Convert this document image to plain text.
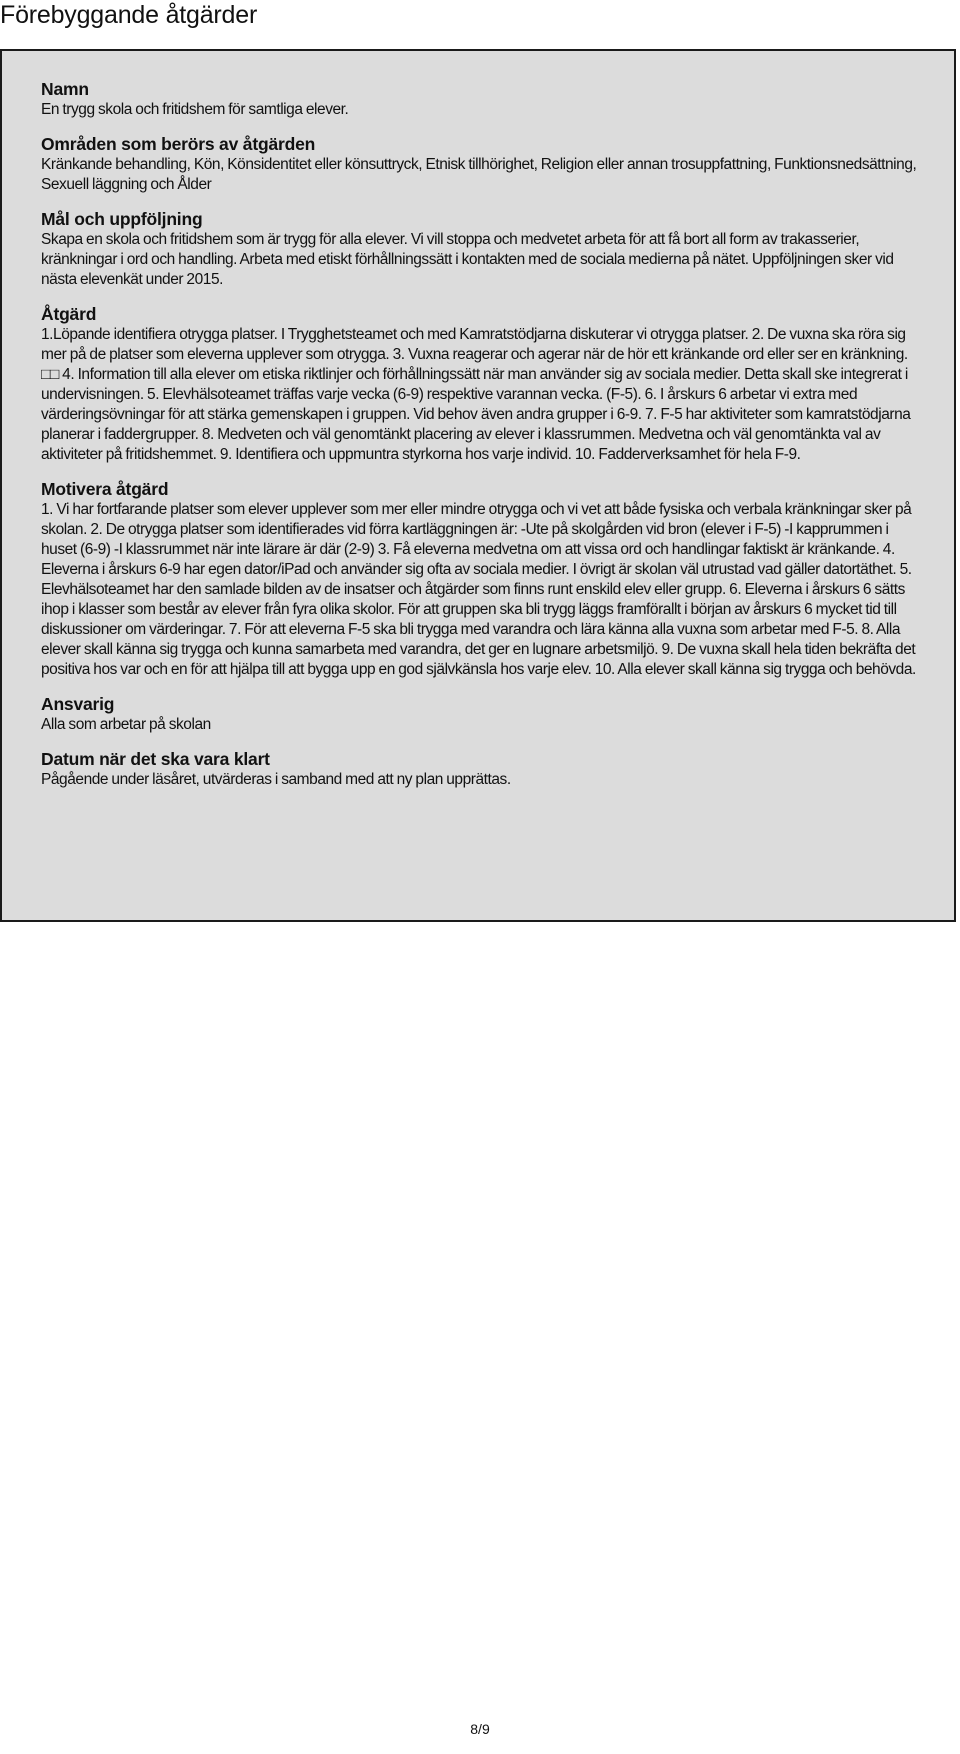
Förebyggande åtgärder

Namn

En trygg skola och fritidshem för samtliga elever.

Områden som berörs av åtgärden

Kränkande behandling, Kön, Könsidentitet eller könsuttryck, Etnisk tillhörighet, Religion eller annan trosuppfattning, Funktionsnedsättning, Sexuell läggning och Ålder

Mål och uppföljning

Skapa en skola och fritidshem som är trygg för alla elever. Vi vill stoppa och medvetet arbeta för att få bort all form av trakasserier, kränkningar i ord och handling. Arbeta med etiskt förhållningssätt i kontakten med de sociala medierna på nätet. Uppföljningen sker vid nästa elevenkät under 2015.

Åtgärd

1.Löpande identifiera otrygga platser. I Trygghetsteamet och med Kamratstödjarna diskuterar vi otrygga platser. 2. De vuxna ska röra sig mer på de platser som eleverna upplever som otrygga. 3. Vuxna reagerar och agerar när de hör ett kränkande ord eller ser en kränkning. □□ 4. Information till alla elever om etiska riktlinjer och förhållningssätt när man använder sig av sociala medier. Detta skall ske integrerat i undervisningen. 5. Elevhälsoteamet träffas varje vecka (6-9) respektive varannan vecka. (F-5). 6. I årskurs 6 arbetar vi extra med värderingsövningar för att stärka gemenskapen i gruppen. Vid behov även andra grupper i 6-9. 7. F-5 har aktiviteter som kamratstödjarna planerar i faddergrupper. 8. Medveten och väl genomtänkt placering av elever i klassrummen. Medvetna och väl genomtänkta val av aktiviteter på fritidshemmet. 9. Identifiera och uppmuntra styrkorna hos varje individ. 10. Fadderverksamhet för hela F-9.

Motivera åtgärd

1. Vi har fortfarande platser som elever upplever som mer eller mindre otrygga och vi vet att både fysiska och verbala kränkningar sker på skolan. 2. De otrygga platser som identifierades vid förra kartläggningen är: -Ute på skolgården vid bron (elever i F-5) -I kapprummen i huset (6-9) -I klassrummet när inte lärare är där (2-9) 3. Få eleverna medvetna om att vissa ord och handlingar faktiskt är kränkande. 4. Eleverna i årskurs 6-9 har egen dator/iPad och använder sig ofta av sociala medier. I övrigt är skolan väl utrustad vad gäller datortäthet. 5. Elevhälsoteamet har den samlade bilden av de insatser och åtgärder som finns runt enskild elev eller grupp. 6. Eleverna i årskurs 6 sätts ihop i klasser som består av elever från fyra olika skolor. För att gruppen ska bli trygg läggs framförallt i början av årskurs 6 mycket tid till diskussioner om värderingar. 7. För att eleverna F-5 ska bli trygga med varandra och lära känna alla vuxna som arbetar med F-5. 8. Alla elever skall känna sig trygga och kunna samarbeta med varandra, det ger en lugnare arbetsmiljö. 9. De vuxna skall hela tiden bekräfta det positiva hos var och en för att hjälpa till att bygga upp en god självkänsla hos varje elev. 10. Alla elever skall känna sig trygga och behövda.

Ansvarig

Alla som arbetar på skolan

Datum när det ska vara klart

Pågående under läsåret, utvärderas i samband med att ny plan upprättas.

8/9
